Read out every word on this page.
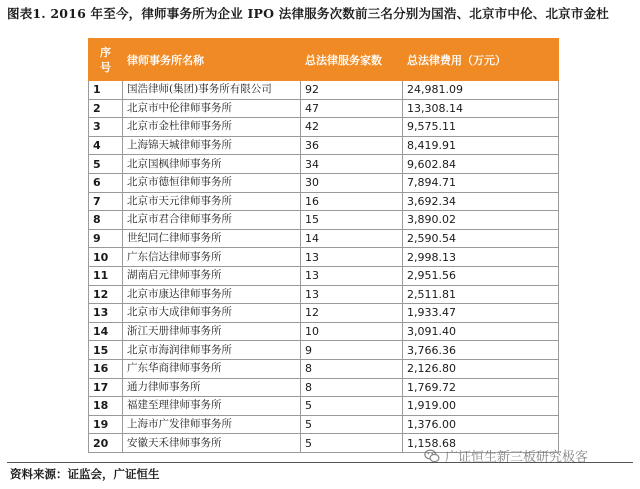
图表1. 2016 年至今，律师事务所为企业 IPO 法律服务次数前三名分别为国浩、北京市中伦、北京市金杜
序号	律师事务所名称	总法律服务家数	总法律费用（万元）
1	国浩律师(集团)事务所有限公司	92	24,981.09
2	北京市中伦律师事务所	47	13,308.14
3	北京市金杜律师事务所	42	9,575.11
4	上海锦天城律师事务所	36	8,419.91
5	北京国枫律师事务所	34	9,602.84
6	北京市德恒律师事务所	30	7,894.71
7	北京市天元律师事务所	16	3,692.34
8	北京市君合律师事务所	15	3,890.02
9	世纪同仁律师事务所	14	2,590.54
10	广东信达律师事务所	13	2,998.13
11	湖南启元律师事务所	13	2,951.56
12	北京市康达律师事务所	13	2,511.81
13	北京市大成律师事务所	12	1,933.47
14	浙江天册律师事务所	10	3,091.40
15	北京市海润律师事务所	9	3,766.36
16	广东华商律师事务所	8	2,126.80
17	通力律师事务所	8	1,769.72
18	福建至理律师事务所	5	1,919.00
19	上海市广发律师事务所	5	1,376.00
20	安徽天禾律师事务所	5	1,158.68
资料来源：证监会，广证恒生
广证恒生新三板研究极客
